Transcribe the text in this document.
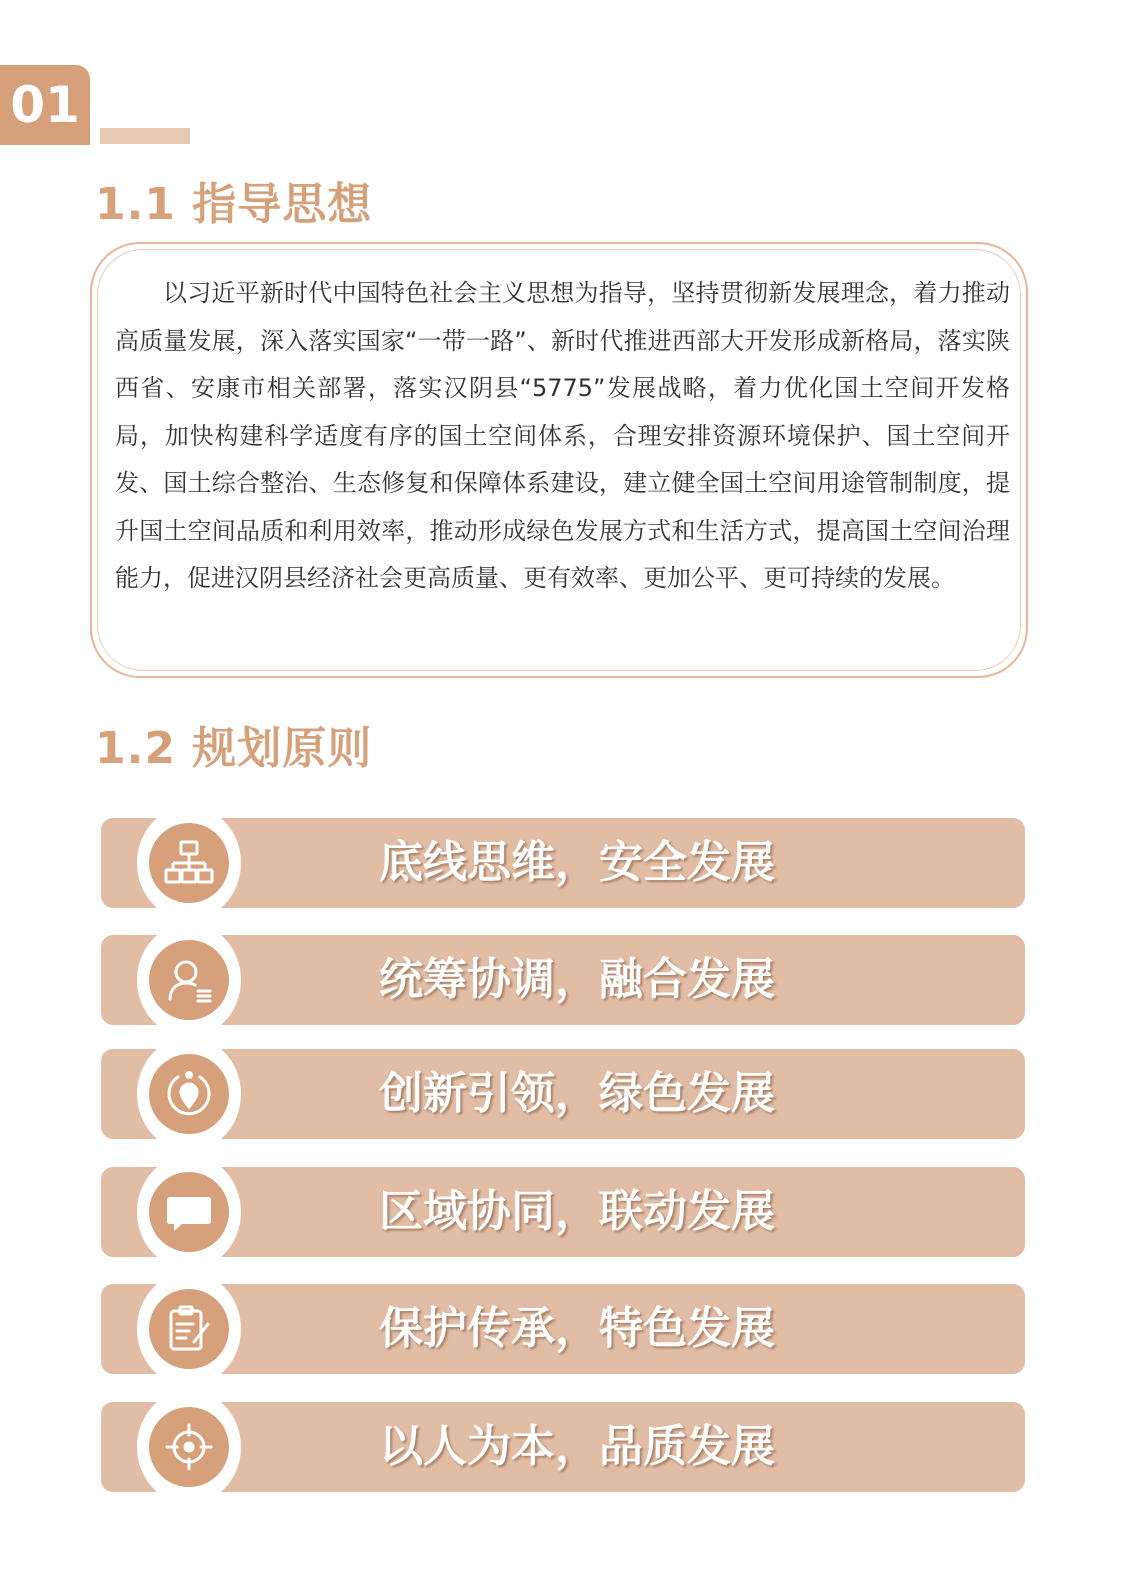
01
1.1 指导思想
以习近平新时代中国特色社会主义思想为指导，坚持贯彻新发展理念，着力推动高质量发展，深入落实国家“一带一路”、新时代推进西部大开发形成新格局，落实陕西省、安康市相关部署，落实汉阴县“5775”发展战略，着力优化国土空间开发格局，加快构建科学适度有序的国土空间体系，合理安排资源环境保护、国土空间开发、国土综合整治、生态修复和保障体系建设，建立健全国土空间用途管制制度，提升国土空间品质和利用效率，推动形成绿色发展方式和生活方式，提高国土空间治理能力，促进汉阴县经济社会更高质量、更有效率、更加公平、更可持续的发展。
1.2 规划原则
底线思维，安全发展
统筹协调，融合发展
创新引领，绿色发展
区域协同，联动发展
保护传承，特色发展
以人为本，品质发展
